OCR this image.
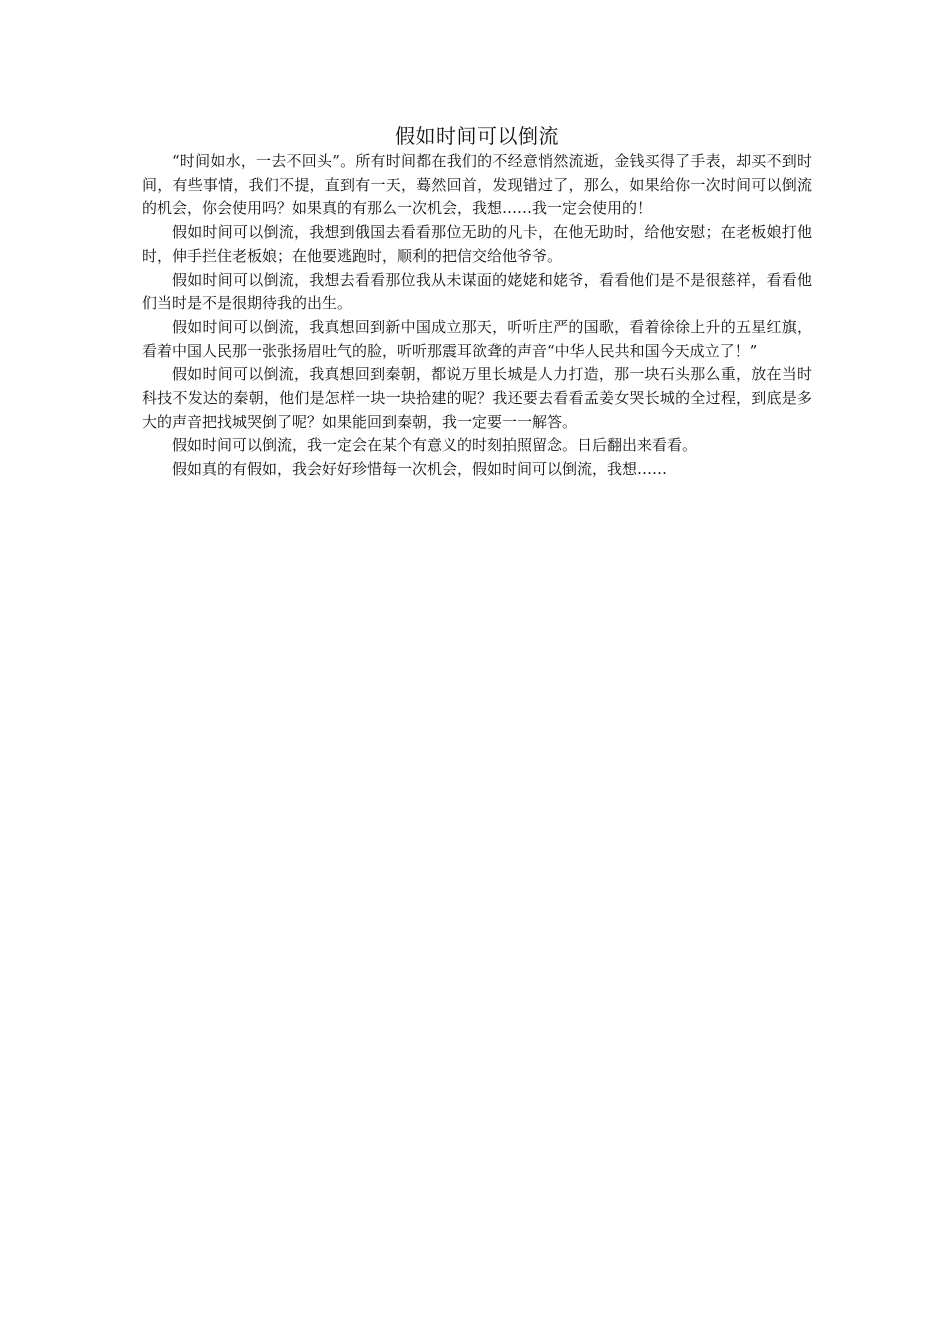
假如时间可以倒流

“时间如水，一去不回头”。所有时间都在我们的不经意悄然流逝，金钱买得了手表，却买不到时间，有些事情，我们不提，直到有一天，蓦然回首，发现错过了，那么，如果给你一次时间可以倒流的机会，你会使用吗？如果真的有那么一次机会，我想……我一定会使用的！

假如时间可以倒流，我想到俄国去看看那位无助的凡卡，在他无助时，给他安慰；在老板娘打他时，伸手拦住老板娘；在他要逃跑时，顺利的把信交给他爷爷。

假如时间可以倒流，我想去看看那位我从未谋面的姥姥和姥爷，看看他们是不是很慈祥，看看他们当时是不是很期待我的出生。

假如时间可以倒流，我真想回到新中国成立那天，听听庄严的国歌，看着徐徐上升的五星红旗，看着中国人民那一张张扬眉吐气的脸，听听那震耳欲聋的声音“中华人民共和国今天成立了！”

假如时间可以倒流，我真想回到秦朝，都说万里长城是人力打造，那一块石头那么重，放在当时科技不发达的秦朝，他们是怎样一块一块拾建的呢？我还要去看看孟姜女哭长城的全过程，到底是多大的声音把找城哭倒了呢？如果能回到秦朝，我一定要一一解答。

假如时间可以倒流，我一定会在某个有意义的时刻拍照留念。日后翻出来看看。

假如真的有假如，我会好好珍惜每一次机会，假如时间可以倒流，我想……
